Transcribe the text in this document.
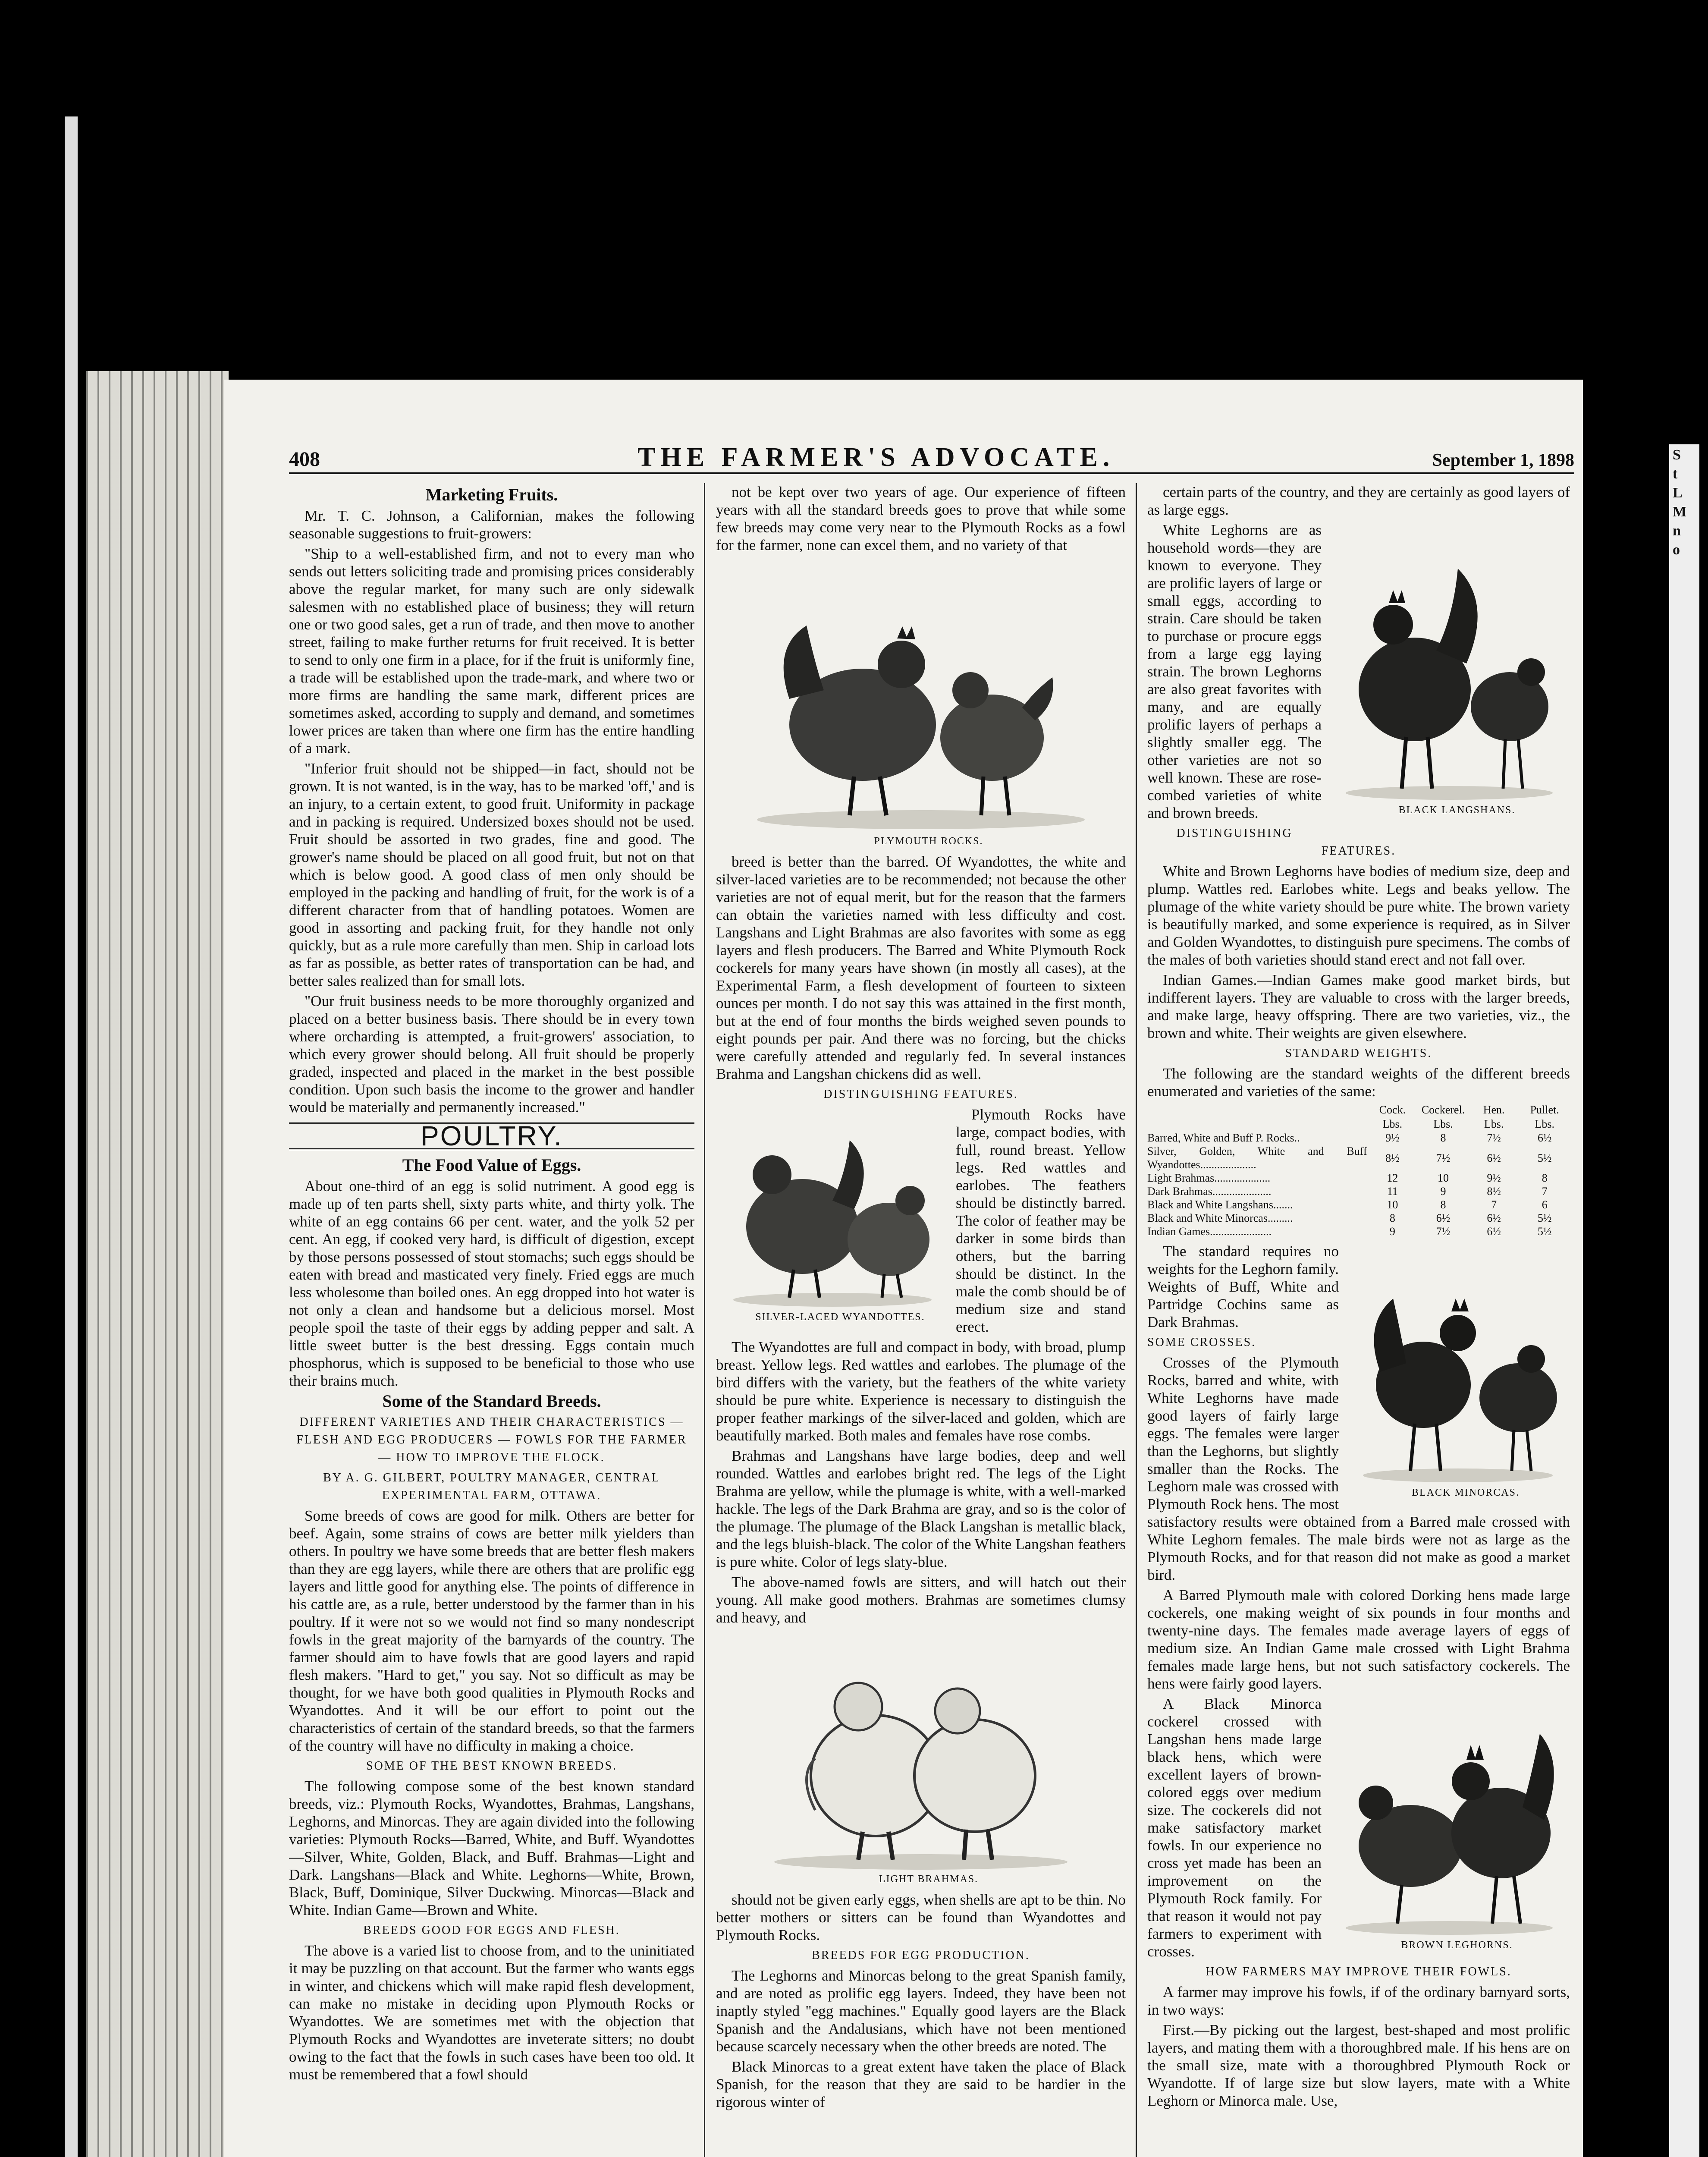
S
t
L
M
n
o
408	THE FARMER'S ADVOCATE.	September 1, 1898
Marketing Fruits.

Mr. T. C. Johnson, a Californian, makes the following seasonable suggestions to fruit-growers:

"Ship to a well-established firm, and not to every man who sends out letters soliciting trade and promising prices considerably above the regular market, for many such are only sidewalk salesmen with no established place of business; they will return one or two good sales, get a run of trade, and then move to another street, failing to make further returns for fruit received. It is better to send to only one firm in a place, for if the fruit is uniformly fine, a trade will be established upon the trade-mark, and where two or more firms are handling the same mark, different prices are sometimes asked, according to supply and demand, and sometimes lower prices are taken than where one firm has the entire handling of a mark.

"Inferior fruit should not be shipped—in fact, should not be grown. It is not wanted, is in the way, has to be marked 'off,' and is an injury, to a certain extent, to good fruit. Uniformity in package and in packing is required. Undersized boxes should not be used. Fruit should be assorted in two grades, fine and good. The grower's name should be placed on all good fruit, but not on that which is below good. A good class of men only should be employed in the packing and handling of fruit, for the work is of a different character from that of handling potatoes. Women are good in assorting and packing fruit, for they handle not only quickly, but as a rule more carefully than men. Ship in carload lots as far as possible, as better rates of transportation can be had, and better sales realized than for small lots.

"Our fruit business needs to be more thoroughly organized and placed on a better business basis. There should be in every town where orcharding is attempted, a fruit-growers' association, to which every grower should belong. All fruit should be properly graded, inspected and placed in the market in the best possible condition. Upon such basis the income to the grower and handler would be materially and permanently increased."

POULTRY.
The Food Value of Eggs.

About one-third of an egg is solid nutriment. A good egg is made up of ten parts shell, sixty parts white, and thirty yolk. The white of an egg contains 66 per cent. water, and the yolk 52 per cent. An egg, if cooked very hard, is difficult of digestion, except by those persons possessed of stout stomachs; such eggs should be eaten with bread and masticated very finely. Fried eggs are much less wholesome than boiled ones. An egg dropped into hot water is not only a clean and handsome but a delicious morsel. Most people spoil the taste of their eggs by adding pepper and salt. A little sweet butter is the best dressing. Eggs contain much phosphorus, which is supposed to be beneficial to those who use their brains much.

Some of the Standard Breeds.

DIFFERENT VARIETIES AND THEIR CHARACTERISTICS — FLESH AND EGG PRODUCERS — FOWLS FOR THE FARMER — HOW TO IMPROVE THE FLOCK.

BY A. G. GILBERT, POULTRY MANAGER, CENTRAL EXPERIMENTAL FARM, OTTAWA.

Some breeds of cows are good for milk. Others are better for beef. Again, some strains of cows are better milk yielders than others. In poultry we have some breeds that are better flesh makers than they are egg layers, while there are others that are prolific egg layers and little good for anything else. The points of difference in his cattle are, as a rule, better understood by the farmer than in his poultry. If it were not so we would not find so many nondescript fowls in the great majority of the barnyards of the country. The farmer should aim to have fowls that are good layers and rapid flesh makers. "Hard to get," you say. Not so difficult as may be thought, for we have both good qualities in Plymouth Rocks and Wyandottes. And it will be our effort to point out the characteristics of certain of the standard breeds, so that the farmers of the country will have no difficulty in making a choice.

SOME OF THE BEST KNOWN BREEDS.

The following compose some of the best known standard breeds, viz.: Plymouth Rocks, Wyandottes, Brahmas, Langshans, Leghorns, and Minorcas. They are again divided into the following varieties: Plymouth Rocks—Barred, White, and Buff. Wyandottes—Silver, White, Golden, Black, and Buff. Brahmas—Light and Dark. Langshans—Black and White. Leghorns—White, Brown, Black, Buff, Dominique, Silver Duckwing. Minorcas—Black and White. Indian Game—Brown and White.

BREEDS GOOD FOR EGGS AND FLESH.

The above is a varied list to choose from, and to the uninitiated it may be puzzling on that account. But the farmer who wants eggs in winter, and chickens which will make rapid flesh development, can make no mistake in deciding upon Plymouth Rocks or Wyandottes. We are sometimes met with the objection that Plymouth Rocks and Wyandottes are inveterate sitters; no doubt owing to the fact that the fowls in such cases have been too old. It must be remembered that a fowl should

not be kept over two years of age. Our experience of fifteen years with all the standard breeds goes to prove that while some few breeds may come very near to the Plymouth Rocks as a fowl for the farmer, none can excel them, and no variety of that

PLYMOUTH ROCKS.

breed is better than the barred. Of Wyandottes, the white and silver-laced varieties are to be recommended; not because the other varieties are not of equal merit, but for the reason that the farmers can obtain the varieties named with less difficulty and cost. Langshans and Light Brahmas are also favorites with some as egg layers and flesh producers. The Barred and White Plymouth Rock cockerels for many years have shown (in mostly all cases), at the Experimental Farm, a flesh development of fourteen to sixteen ounces per month. I do not say this was attained in the first month, but at the end of four months the birds weighed seven pounds to eight pounds per pair. And there was no forcing, but the chicks were carefully attended and regularly fed. In several instances Brahma and Langshan chickens did as well.

DISTINGUISHING FEATURES.

SILVER-LACED WYANDOTTES.

Plymouth Rocks have large, compact bodies, with full, round breast. Yellow legs. Red wattles and earlobes. The feathers should be distinctly barred. The color of feather may be darker in some birds than others, but the barring should be distinct. In the male the comb should be of medium size and stand erect.

The Wyandottes are full and compact in body, with broad, plump breast. Yellow legs. Red wattles and earlobes. The plumage of the bird differs with the variety, but the feathers of the white variety should be pure white. Experience is necessary to distinguish the proper feather markings of the silver-laced and golden, which are beautifully marked. Both males and females have rose combs.

Brahmas and Langshans have large bodies, deep and well rounded. Wattles and earlobes bright red. The legs of the Light Brahma are yellow, while the plumage is white, with a well-marked hackle. The legs of the Dark Brahma are gray, and so is the color of the plumage. The plumage of the Black Langshan is metallic black, and the legs bluish-black. The color of the White Langshan feathers is pure white. Color of legs slaty-blue.

The above-named fowls are sitters, and will hatch out their young. All make good mothers. Brahmas are sometimes clumsy and heavy, and

LIGHT BRAHMAS.

should not be given early eggs, when shells are apt to be thin. No better mothers or sitters can be found than Wyandottes and Plymouth Rocks.

BREEDS FOR EGG PRODUCTION.

The Leghorns and Minorcas belong to the great Spanish family, and are noted as prolific egg layers. Indeed, they have been not inaptly styled "egg machines." Equally good layers are the Black Spanish and the Andalusians, which have not been mentioned because scarcely necessary when the other breeds are noted. The

Black Minorcas to a great extent have taken the place of Black Spanish, for the reason that they are said to be hardier in the rigorous winter of

certain parts of the country, and they are certainly as good layers of as large eggs.

BLACK LANGSHANS.

White Leghorns are as household words—they are known to everyone. They are prolific layers of large or small eggs, according to strain. Care should be taken to purchase or procure eggs from a large egg laying strain. The brown Leghorns are also great favorites with many, and are equally prolific layers of perhaps a slightly smaller egg. The other varieties are not so well known. These are rose-combed varieties of white and brown breeds.

DISTINGUISHING FEATURES.

White and Brown Leghorns have bodies of medium size, deep and plump. Wattles red. Earlobes white. Legs and beaks yellow. The plumage of the white variety should be pure white. The brown variety is beautifully marked, and some experience is required, as in Silver and Golden Wyandottes, to distinguish pure specimens. The combs of the males of both varieties should stand erect and not fall over.

Indian Games.—Indian Games make good market birds, but indifferent layers. They are valuable to cross with the larger breeds, and make large, heavy offspring. There are two varieties, viz., the brown and white. Their weights are given elsewhere.

STANDARD WEIGHTS.

The following are the standard weights of the different breeds enumerated and varieties of the same:

	Cock.	Cockerel.	Hen.	Pullet.
	Lbs.	Lbs.	Lbs.	Lbs.
Barred, White and Buff P. Rocks..	9½	8	7½	6½
Silver, Golden, White and Buff Wyandottes....................	8½	7½	6½	5½
Light Brahmas....................	12	10	9½	8
Dark Brahmas.....................	11	9	8½	7
Black and White Langshans.......	10	8	7	6
Black and White Minorcas.........	8	6½	6½	5½
Indian Games......................	9	7½	6½	5½

BLACK MINORCAS.

The standard requires no weights for the Leghorn family. Weights of Buff, White and Partridge Cochins same as Dark Brahmas.

SOME CROSSES.

Crosses of the Plymouth Rocks, barred and white, with White Leghorns have made good layers of fairly large eggs. The females were larger than the Leghorns, but slightly smaller than the Rocks. The Leghorn male was crossed with Plymouth Rock hens. The most satisfactory results were obtained from a Barred male crossed with White Leghorn females. The male birds were not as large as the Plymouth Rocks, and for that reason did not make as good a market bird.

A Barred Plymouth male with colored Dorking hens made large cockerels, one making weight of six pounds in four months and twenty-nine days. The females made average layers of eggs of medium size. An Indian Game male crossed with Light Brahma females made large hens, but not such satisfactory cockerels. The hens were fairly good layers.

BROWN LEGHORNS.

A Black Minorca cockerel crossed with Langshan hens made large black hens, which were excellent layers of brown-colored eggs over medium size. The cockerels did not make satisfactory market fowls. In our experience no cross yet made has been an improvement on the Plymouth Rock family. For that reason it would not pay farmers to experiment with crosses.

HOW FARMERS MAY IMPROVE THEIR FOWLS.

A farmer may improve his fowls, if of the ordinary barnyard sorts, in two ways:

First.—By picking out the largest, best-shaped and most prolific layers, and mating them with a thoroughbred male. If his hens are on the small size, mate with a thoroughbred Plymouth Rock or Wyandotte. If of large size but slow layers, mate with a White Leghorn or Minorca male. Use,
